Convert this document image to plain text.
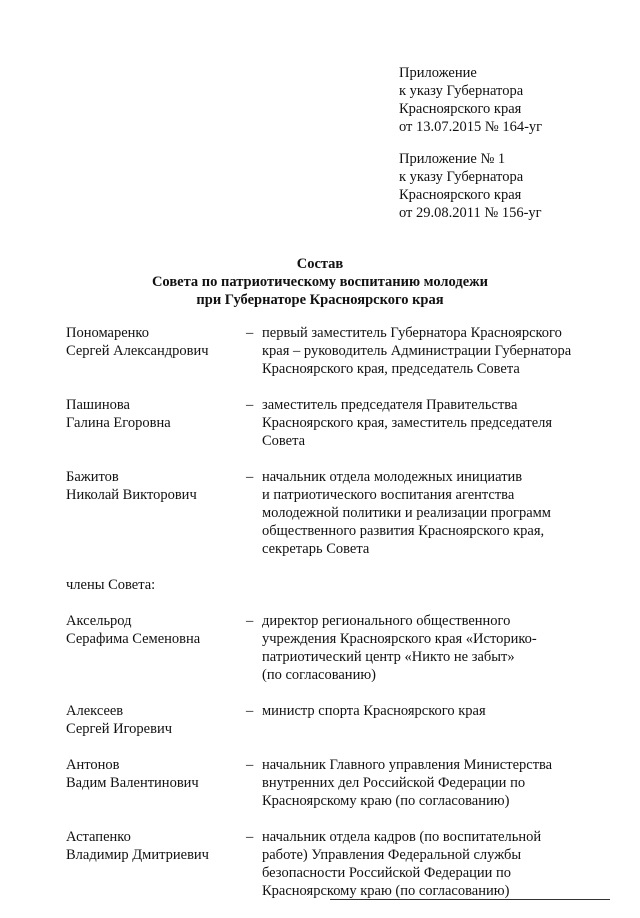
Приложение
к указу Губернатора
Красноярского края
от 13.07.2015 № 164-уг
Приложение № 1
к указу Губернатора
Красноярского края
от 29.08.2011 № 156-уг
Состав
Совета по патриотическому воспитанию молодежи
при Губернаторе Красноярского края
Пономаренко
Сергей Александрович
– первый заместитель Губернатора Красноярского
края – руководитель Администрации Губернатора
Красноярского края, председатель Совета
Пашинова
Галина Егоровна
– заместитель председателя Правительства
Красноярского края, заместитель председателя
Совета
Бажитов
Николай Викторович
– начальник отдела молодежных инициатив
и патриотического воспитания агентства
молодежной политики и реализации программ
общественного развития Красноярского края,
секретарь Совета
члены Совета:
Аксельрод
Серафима Семеновна
– директор регионального общественного
учреждения Красноярского края «Историко-
патриотический центр «Никто не забыт»
(по согласованию)
Алексеев
Сергей Игоревич
– министр спорта Красноярского края
Антонов
Вадим Валентинович
– начальник Главного управления Министерства
внутренних дел Российской Федерации по
Красноярскому краю (по согласованию)
Астапенко
Владимир Дмитриевич
– начальник отдела кадров (по воспитательной
работе) Управления Федеральной службы
безопасности Российской Федерации по
Красноярскому краю (по согласованию)
